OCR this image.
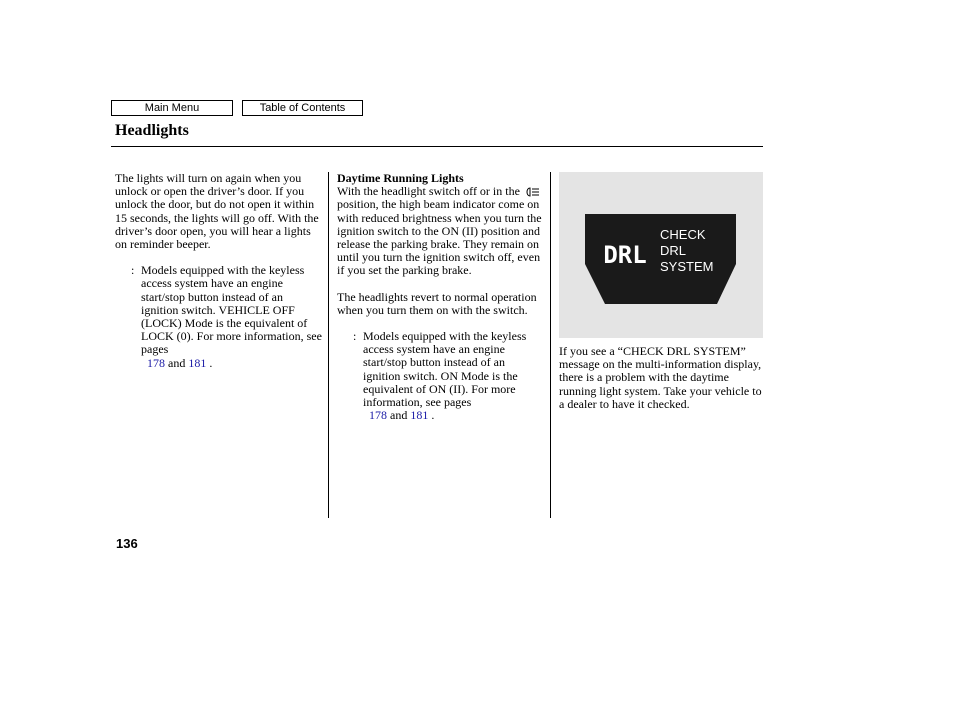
Main Menu	Table of Contents
Headlights

The lights will turn on again when you unlock or open the driver’s door. If you unlock the door, but do not open it within 15 seconds, the lights will go off. With the driver’s door open, you will hear a lights on reminder beeper.

: Models equipped with the keyless access system have an engine start/stop button instead of an ignition switch. VEHICLE OFF (LOCK) Mode is the equivalent of LOCK (0). For more information, see pages
178 and 181 .

Daytime Running Lights

With the headlight switch off or in the  position, the high beam indicator come on with reduced brightness when you turn the ignition switch to the ON (II) position and release the parking brake. They remain on until you turn the ignition switch off, even if you set the parking brake.

The headlights revert to normal operation when you turn them on with the switch.

: Models equipped with the keyless access system have an engine start/stop button instead of an ignition switch. ON Mode is the equivalent of ON (II). For more information, see pages
178 and 181 .

DRL
CHECK
DRL
SYSTEM

If you see a “CHECK DRL SYSTEM” message on the multi-information display, there is a problem with the daytime running light system. Take your vehicle to a dealer to have it checked.

136
